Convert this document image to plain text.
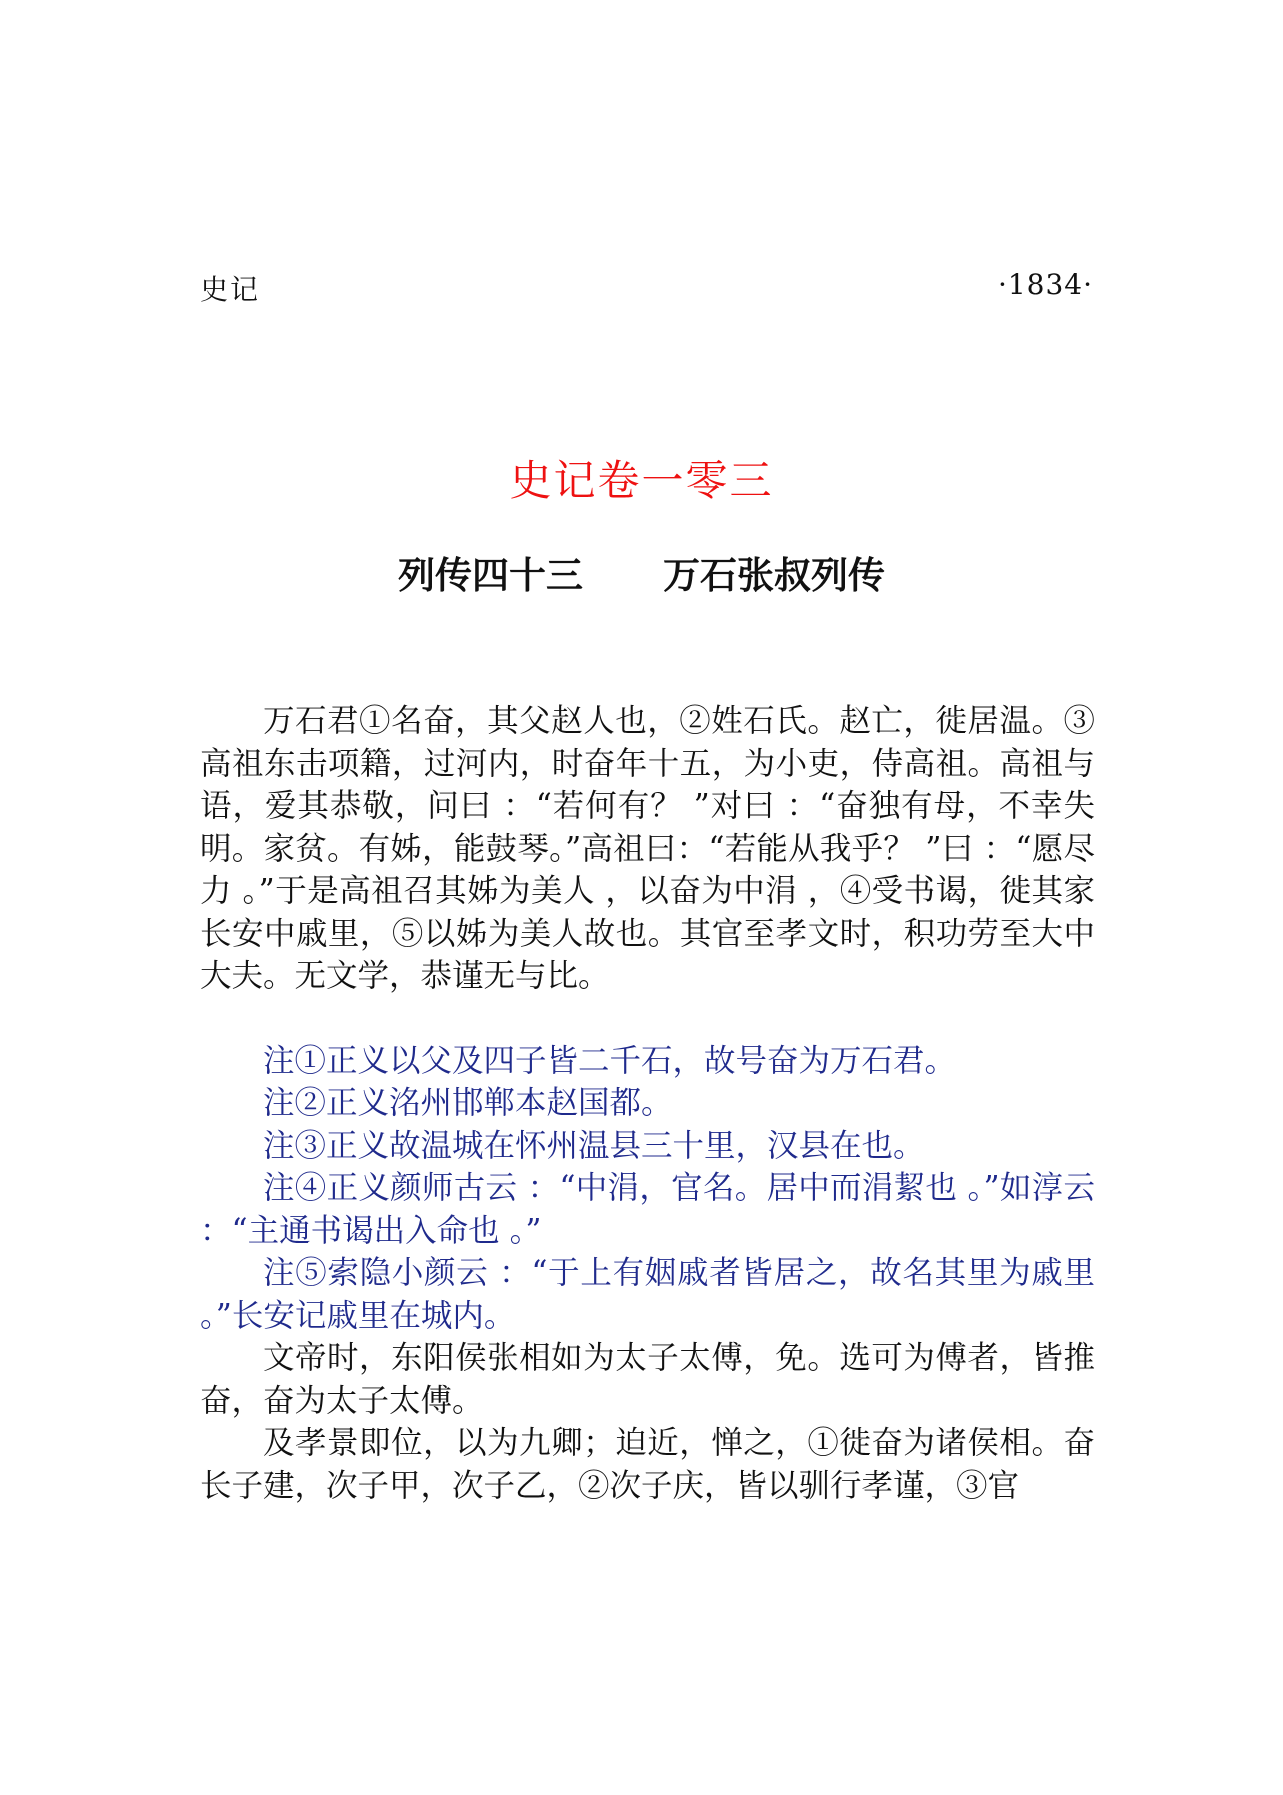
史记	·1834·
史记卷一零三
列传四十三 万石张叔列传

万石君①名奋，其父赵人也，②姓石氏。赵亡，徙居温。③高祖东击项籍，过河内，时奋年十五，为小吏，侍高祖。高祖与语，爱其恭敬，问曰 ：“若何有？ ”对曰 ：“奋独有母，不幸失明。家贫。有姊，能鼓琴。”高祖曰：“若能从我乎？ ”曰 ：“愿尽力 。”于是高祖召其姊为美人 ，以奋为中涓 ，④受书谒，徙其家长安中戚里，⑤以姊为美人故也。其官至孝文时，积功劳至大中大夫。无文学，恭谨无与比。

注①正义以父及四子皆二千石，故号奋为万石君。

注②正义洺州邯郸本赵国都。

注③正义故温城在怀州温县三十里，汉县在也。

注④正义颜师古云 ：“中涓，官名。居中而涓絜也 。”如淳云 ：“主通书谒出入命也 。”

注⑤索隐小颜云 ：“于上有姻戚者皆居之，故名其里为戚里 。”长安记戚里在城内。

文帝时，东阳侯张相如为太子太傅，免。选可为傅者，皆推奋，奋为太子太傅。

及孝景即位，以为九卿；迫近，惮之，①徙奋为诸侯相。奋长子建，次子甲，次子乙，②次子庆，皆以驯行孝谨，③官
